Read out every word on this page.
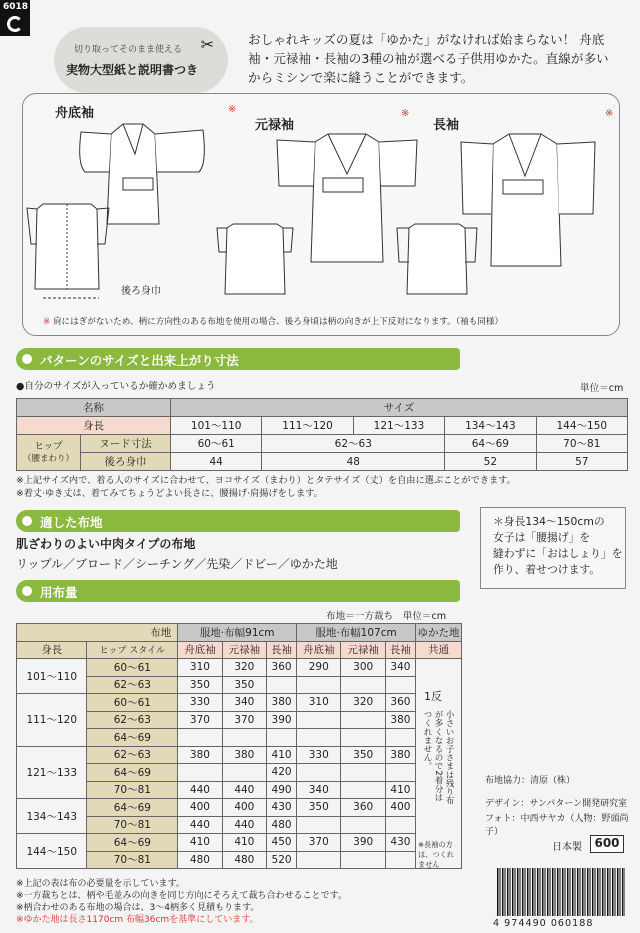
6018
切り取ってそのまま使える ✂
実物大型紙と説明書つき

おしゃれキッズの夏は「ゆかた」がなければ始まらない！ 舟底袖・元禄袖・長袖の3種の袖が選べる子供用ゆかた。直線が多いからミシンで楽に縫うことができます。

舟底袖
元禄袖	長袖
※	※	※
後ろ身巾
※ 肩にはぎがないため、柄に方向性のある布地を使用の場合、後ろ身頃は柄の向きが上下反対になります。（袖も同様）
パターンのサイズと出来上がり寸法
●自分のサイズが入っているか確かめましょう	単位＝cm
名称		サイズ				
身長		101〜110	111〜120	121〜133	134〜143	144〜150
ヒップ
（腰まわり）	ヌード寸法	60〜61	62〜63		64〜69	70〜81
	後ろ身巾	44	48		52	57
※上記サイズ内で、着る人のサイズに合わせて、ヨコサイズ（まわり）とタテサイズ（丈）を自由に選ぶことができます。
※着丈·ゆき丈は、着てみてちょうどよい長さに、腰揚げ·肩揚げをします。
適した布地
肌ざわりのよい中肉タイプの布地
リップル／ブロード／シーチング／先染／ドビー／ゆかた地
＊身長134〜150cmの
女子は「腰揚げ」を
縫わずに「おはしょり」を
作り、着せつけます。
用布量
布地＝一方裁ち　単位＝cm
布地		服地·布幅91cm			服地·布幅107cm			ゆかた地
身長	ヒップ スタイル	舟底袖	元禄袖	長袖	舟底袖	元禄袖	長袖	共通
101〜110	60〜61	310	320	360	290	300	340	
	62〜63	350	350					
111〜120	60〜61	330	340	380	310	320	360	
	62〜63	370	370	390			380	
	64〜69							
121〜133	62〜63	380	380	410	330	350	380	
	64〜69			420				
	70〜81	440	440	490	340		410	
134〜143	64〜69	400	400	430	350	360	400	
	70〜81	440	440	480				
144〜150	64〜69	410	410	450	370	390	430	
	70〜81	480	480	520				
1反
小さいお子さまは残り布が多くなるので2着分はつくれません。
※長袖の方は、つくれません
※上記の表は布の必要量を示しています。
※一方裁ちとは、柄や毛並みの向きを同じ方向にそろえて裁ち合わせることです。
※柄合わせのある布地の場合は、3〜4柄多く見積もります。
※ゆかた地は長さ1170cm 布幅36cmを基準にしています。
布地協力：清原（株）
デザイン：サンパターン開発研究室
フォト：中西サヤカ（人物：野頭尚子）
日本製	600
4 974490 060188
